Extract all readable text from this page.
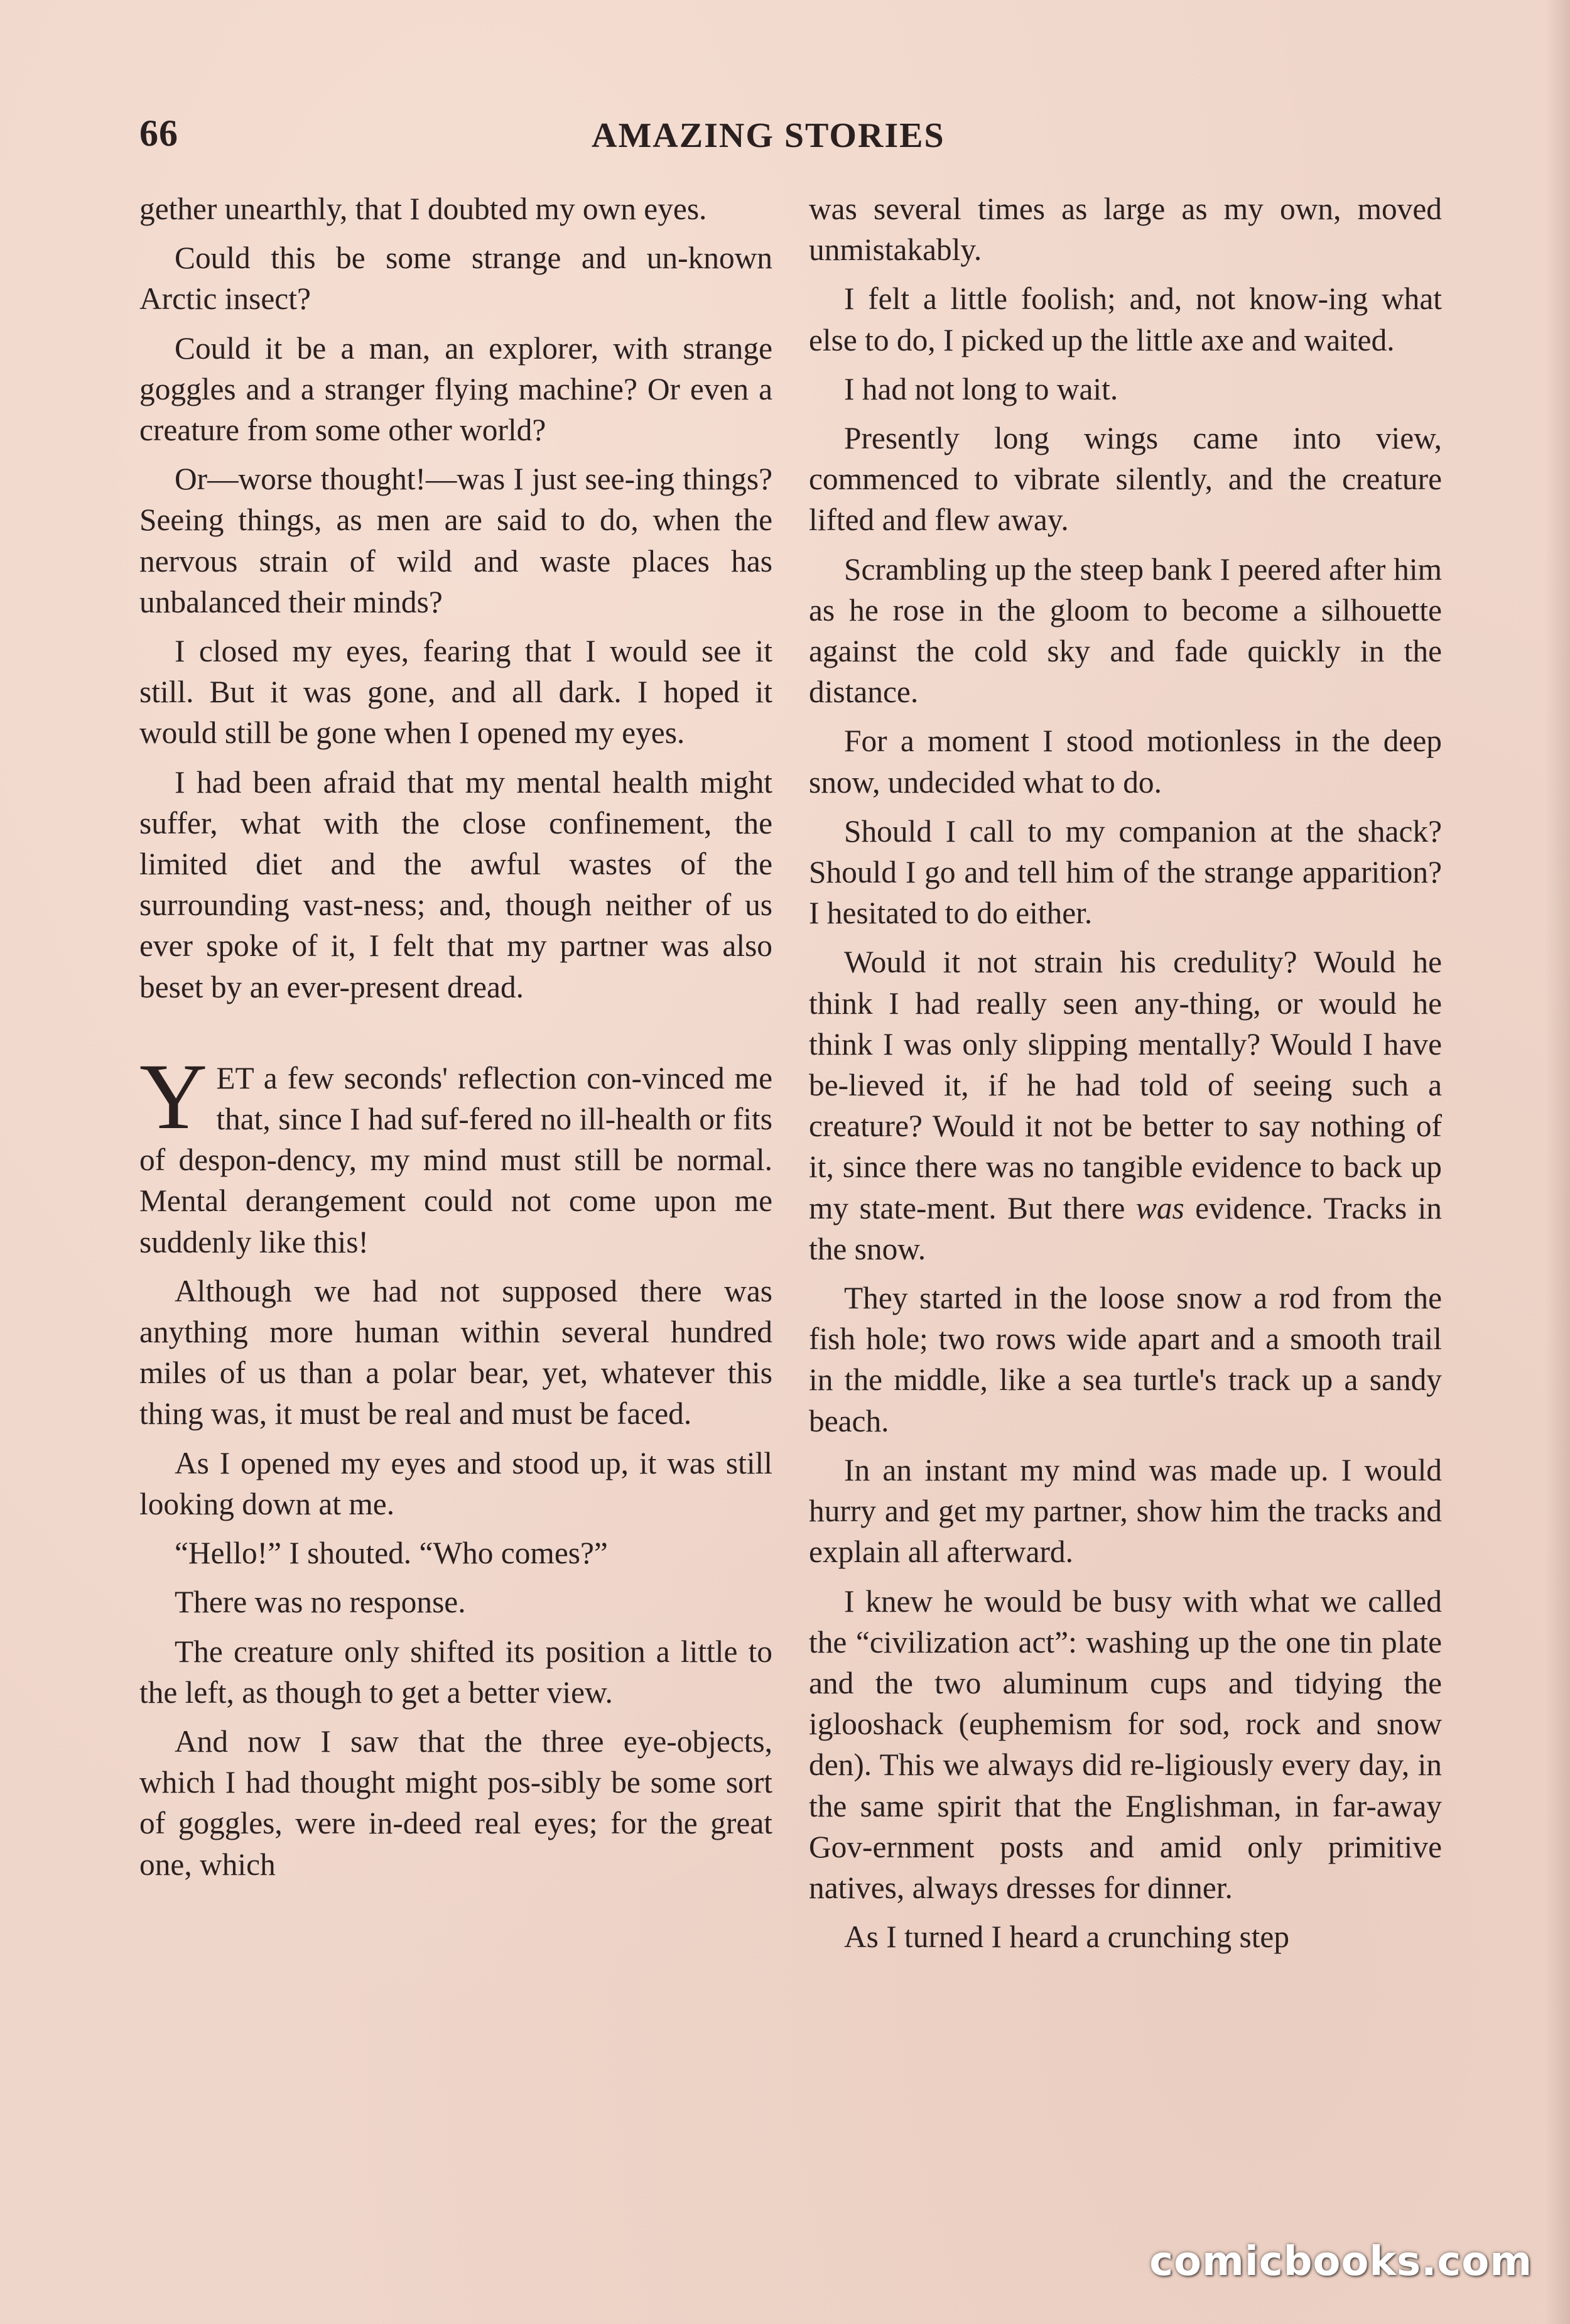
66	AMAZING STORIES

gether unearthly, that I doubted my own eyes.

Could this be some strange and un-known Arctic insect?

Could it be a man, an explorer, with strange goggles and a stranger flying machine? Or even a creature from some other world?

Or—worse thought!—was I just see-ing things? Seeing things, as men are said to do, when the nervous strain of wild and waste places has unbalanced their minds?

I closed my eyes, fearing that I would see it still. But it was gone, and all dark. I hoped it would still be gone when I opened my eyes.

I had been afraid that my mental health might suffer, what with the close confinement, the limited diet and the awful wastes of the surrounding vast-ness; and, though neither of us ever spoke of it, I felt that my partner was also beset by an ever-present dread.

YET a few seconds' reflection con-vinced me that, since I had suf-fered no ill-health or fits of despon-dency, my mind must still be normal. Mental derangement could not come upon me suddenly like this!

Although we had not supposed there was anything more human within several hundred miles of us than a polar bear, yet, whatever this thing was, it must be real and must be faced.

As I opened my eyes and stood up, it was still looking down at me.

“Hello!” I shouted. “Who comes?”

There was no response.

The creature only shifted its position a little to the left, as though to get a better view.

And now I saw that the three eye-objects, which I had thought might pos-sibly be some sort of goggles, were in-deed real eyes; for the great one, which

was several times as large as my own, moved unmistakably.

I felt a little foolish; and, not know-ing what else to do, I picked up the little axe and waited.

I had not long to wait.

Presently long wings came into view, commenced to vibrate silently, and the creature lifted and flew away.

Scrambling up the steep bank I peered after him as he rose in the gloom to become a silhouette against the cold sky and fade quickly in the distance.

For a moment I stood motionless in the deep snow, undecided what to do.

Should I call to my companion at the shack? Should I go and tell him of the strange apparition? I hesitated to do either.

Would it not strain his credulity? Would he think I had really seen any-thing, or would he think I was only slipping mentally? Would I have be-lieved it, if he had told of seeing such a creature? Would it not be better to say nothing of it, since there was no tangible evidence to back up my state-ment. But there was evidence. Tracks in the snow.

They started in the loose snow a rod from the fish hole; two rows wide apart and a smooth trail in the middle, like a sea turtle's track up a sandy beach.

In an instant my mind was made up. I would hurry and get my partner, show him the tracks and explain all afterward.

I knew he would be busy with what we called the “civilization act”: washing up the one tin plate and the two aluminum cups and tidying the iglooshack (euphemism for sod, rock and snow den). This we always did re-ligiously every day, in the same spirit that the Englishman, in far-away Gov-ernment posts and amid only primitive natives, always dresses for dinner.

As I turned I heard a crunching step

comicbooks.com
